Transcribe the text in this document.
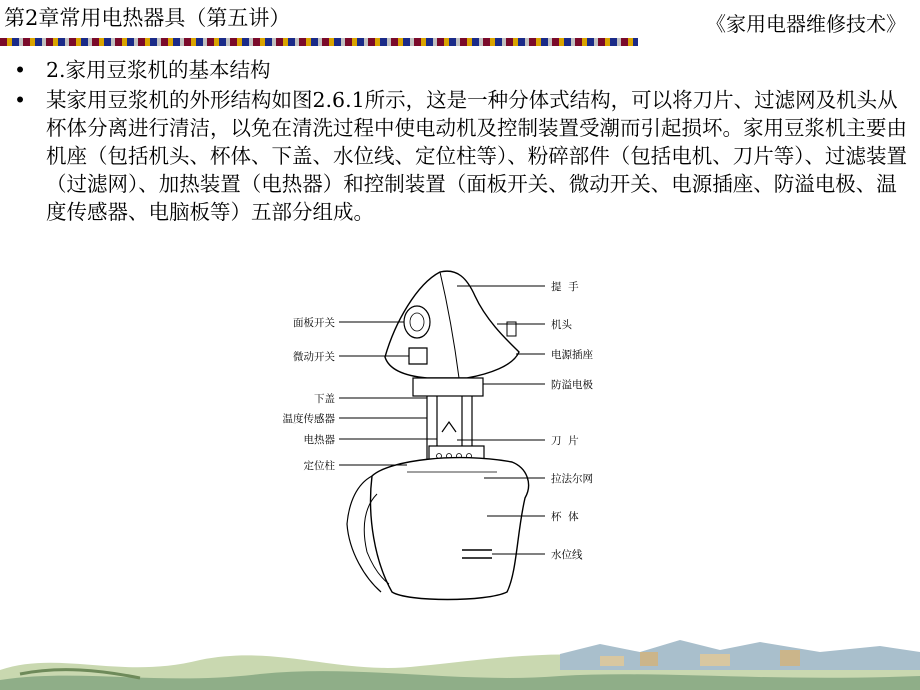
第2章常用电热器具（第五讲）	《家用电器维修技术》
• 2.家用豆浆机的基本结构
• 某家用豆浆机的外形结构如图2.6.1所示，这是一种分体式结构，可以将刀片、过滤网及机头从杯体分离进行清洁，以免在清洗过程中使电动机及控制装置受潮而引起损坏。家用豆浆机主要由机座（包括机头、杯体、下盖、水位线、定位柱等）、粉碎部件（包括电机、刀片等）、过滤装置（过滤网）、加热装置（电热器）和控制装置（面板开关、微动开关、电源插座、防溢电极、温度传感器、电脑板等）五部分组成。
面板开关
微动开关
下盖
温度传感器
电热器
定位柱
提  手
机头
电源插座
防溢电极
刀  片
拉法尔网
杯  体
水位线
